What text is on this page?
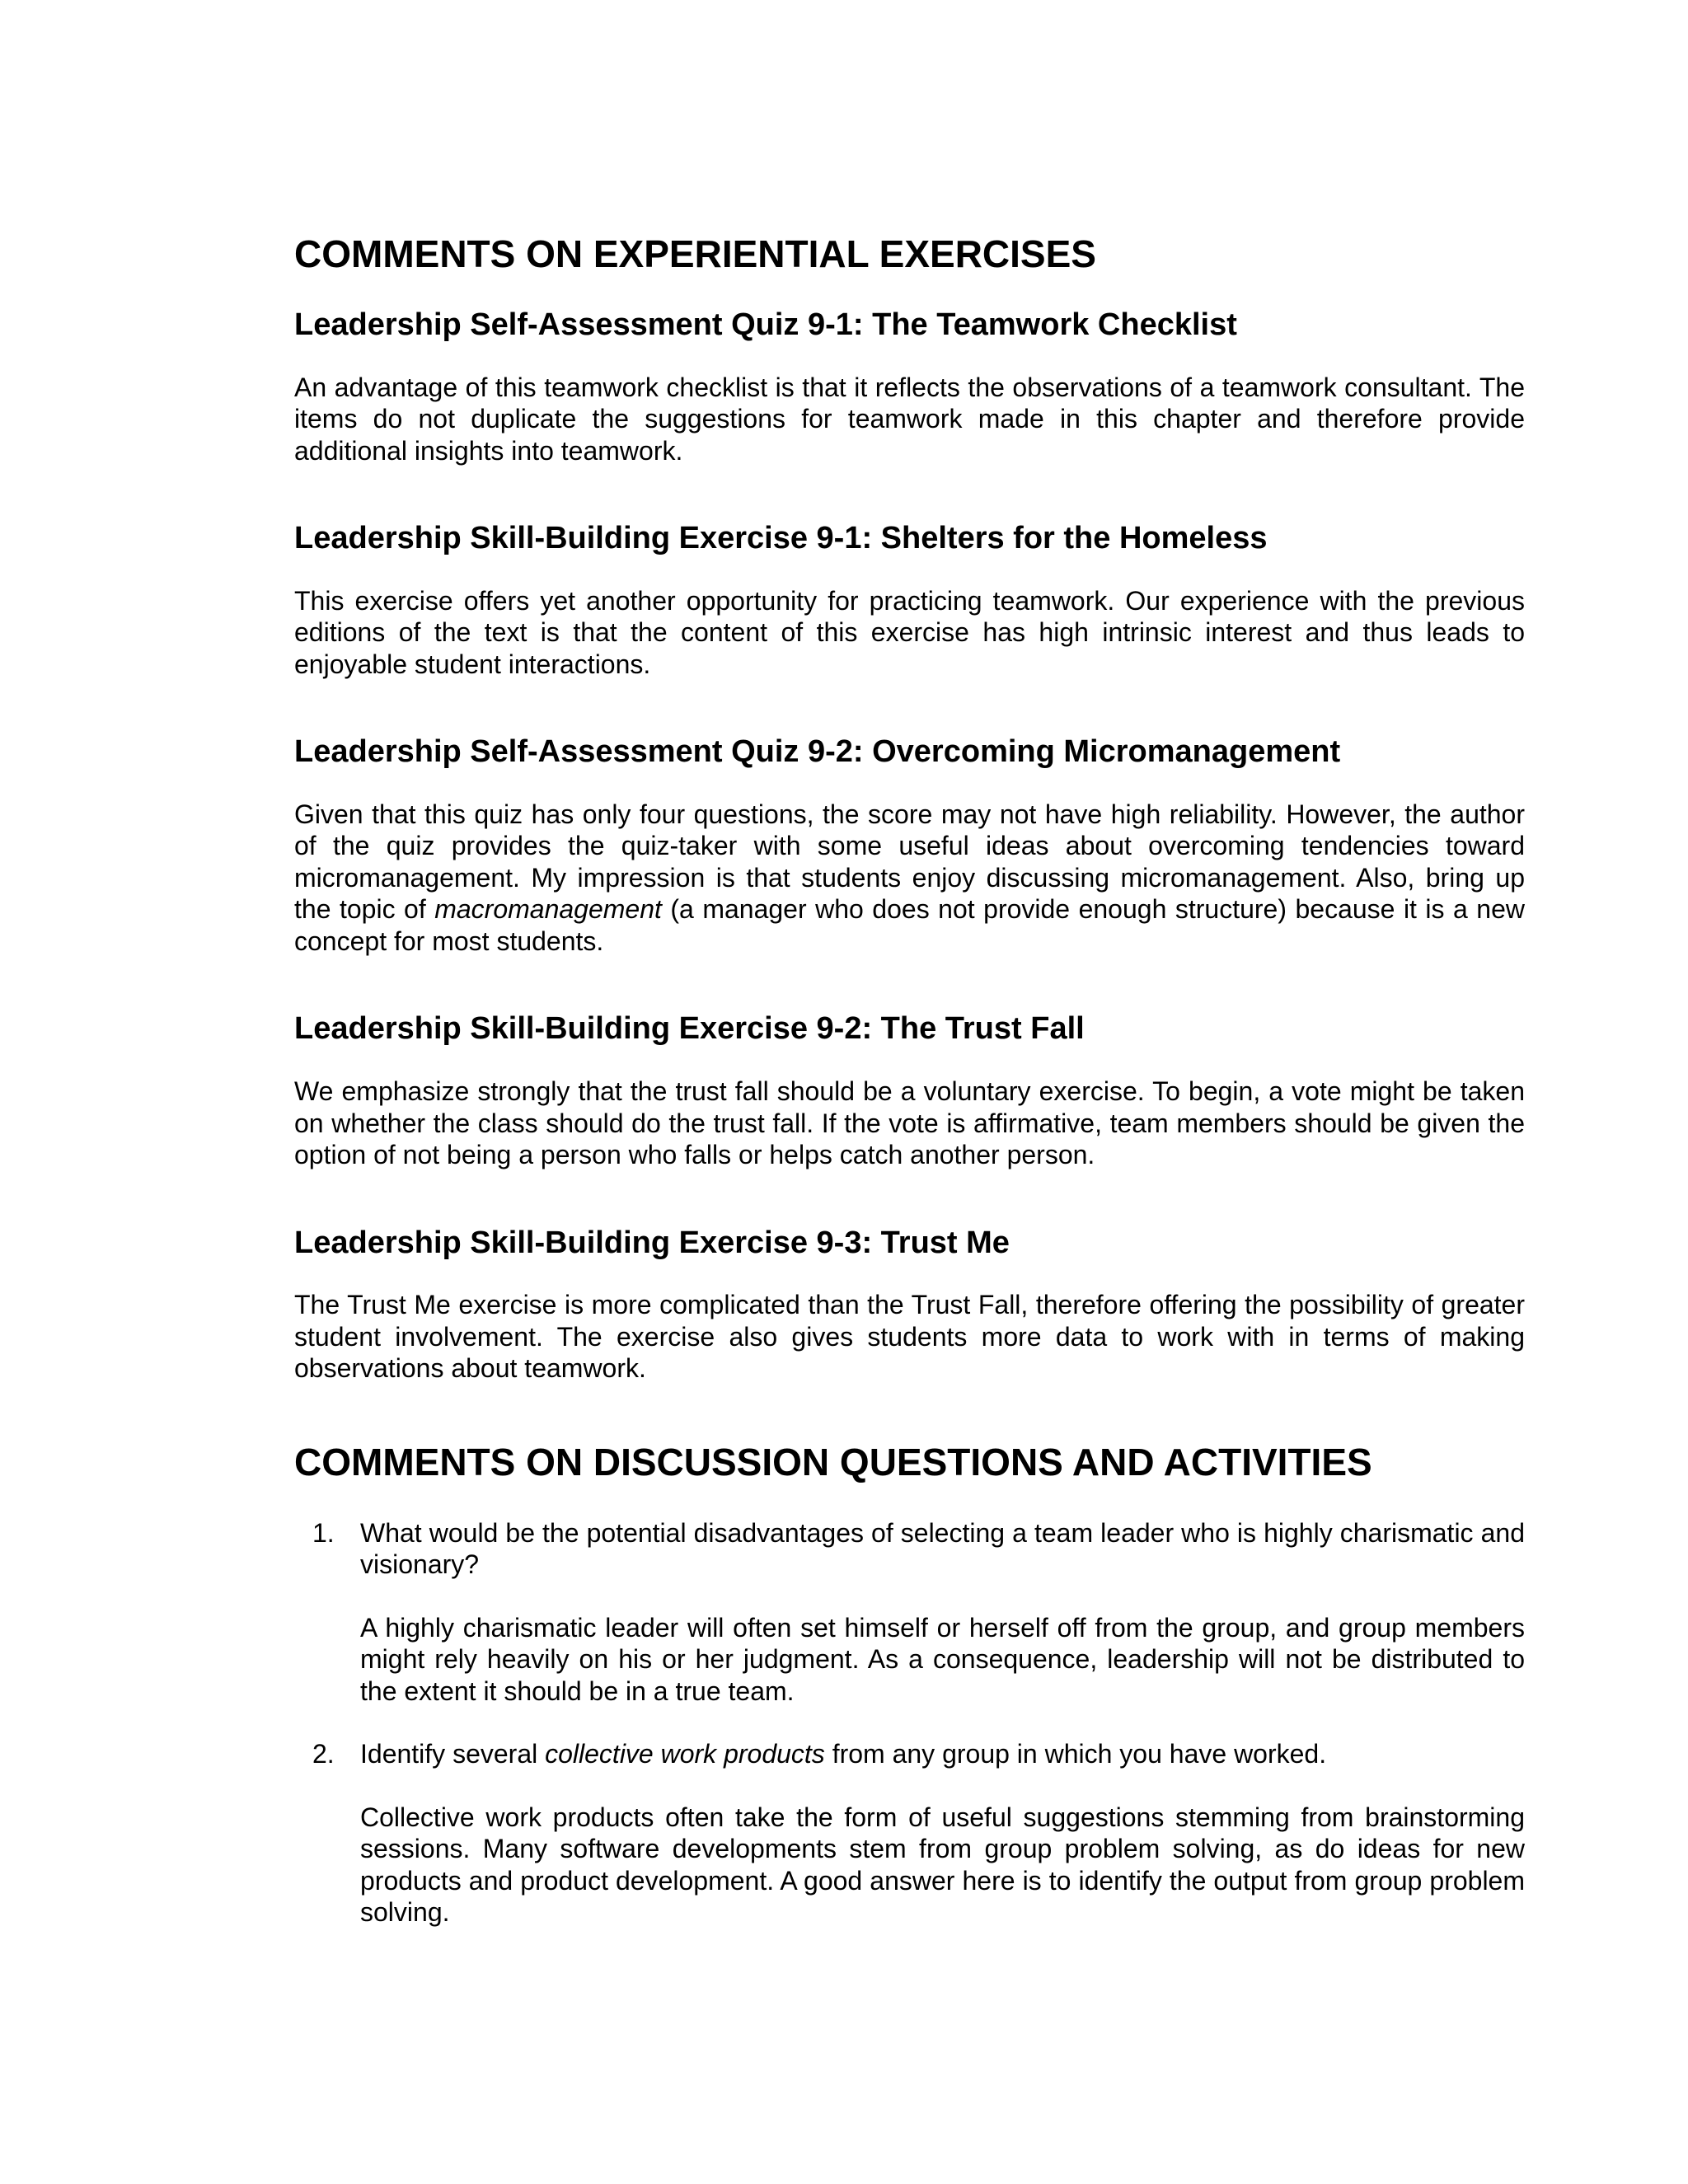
COMMENTS ON EXPERIENTIAL EXERCISES
Leadership Self-Assessment Quiz 9-1: The Teamwork Checklist

An advantage of this teamwork checklist is that it reflects the observations of a teamwork consultant. The items do not duplicate the suggestions for teamwork made in this chapter and therefore provide additional insights into teamwork.

Leadership Skill-Building Exercise 9-1: Shelters for the Homeless

This exercise offers yet another opportunity for practicing teamwork. Our experience with the previous editions of the text is that the content of this exercise has high intrinsic interest and thus leads to enjoyable student interactions.

Leadership Self-Assessment Quiz 9-2: Overcoming Micromanagement

Given that this quiz has only four questions, the score may not have high reliability. However, the author of the quiz provides the quiz-taker with some useful ideas about overcoming tendencies toward micromanagement. My impression is that students enjoy discussing micromanagement. Also, bring up the topic of macromanagement (a manager who does not provide enough structure) because it is a new concept for most students.

Leadership Skill-Building Exercise 9-2: The Trust Fall

We emphasize strongly that the trust fall should be a voluntary exercise. To begin, a vote might be taken on whether the class should do the trust fall. If the vote is affirmative, team members should be given the option of not being a person who falls or helps catch another person.

Leadership Skill-Building Exercise 9-3: Trust Me

The Trust Me exercise is more complicated than the Trust Fall, therefore offering the possibility of greater student involvement. The exercise also gives students more data to work with in terms of making observations about teamwork.

COMMENTS ON DISCUSSION QUESTIONS AND ACTIVITIES
1. What would be the potential disadvantages of selecting a team leader who is highly charismatic and visionary?

A highly charismatic leader will often set himself or herself off from the group, and group members might rely heavily on his or her judgment. As a consequence, leadership will not be distributed to the extent it should be in a true team.

2. Identify several collective work products from any group in which you have worked.

Collective work products often take the form of useful suggestions stemming from brainstorming sessions. Many software developments stem from group problem solving, as do ideas for new products and product development. A good answer here is to identify the output from group problem solving.
